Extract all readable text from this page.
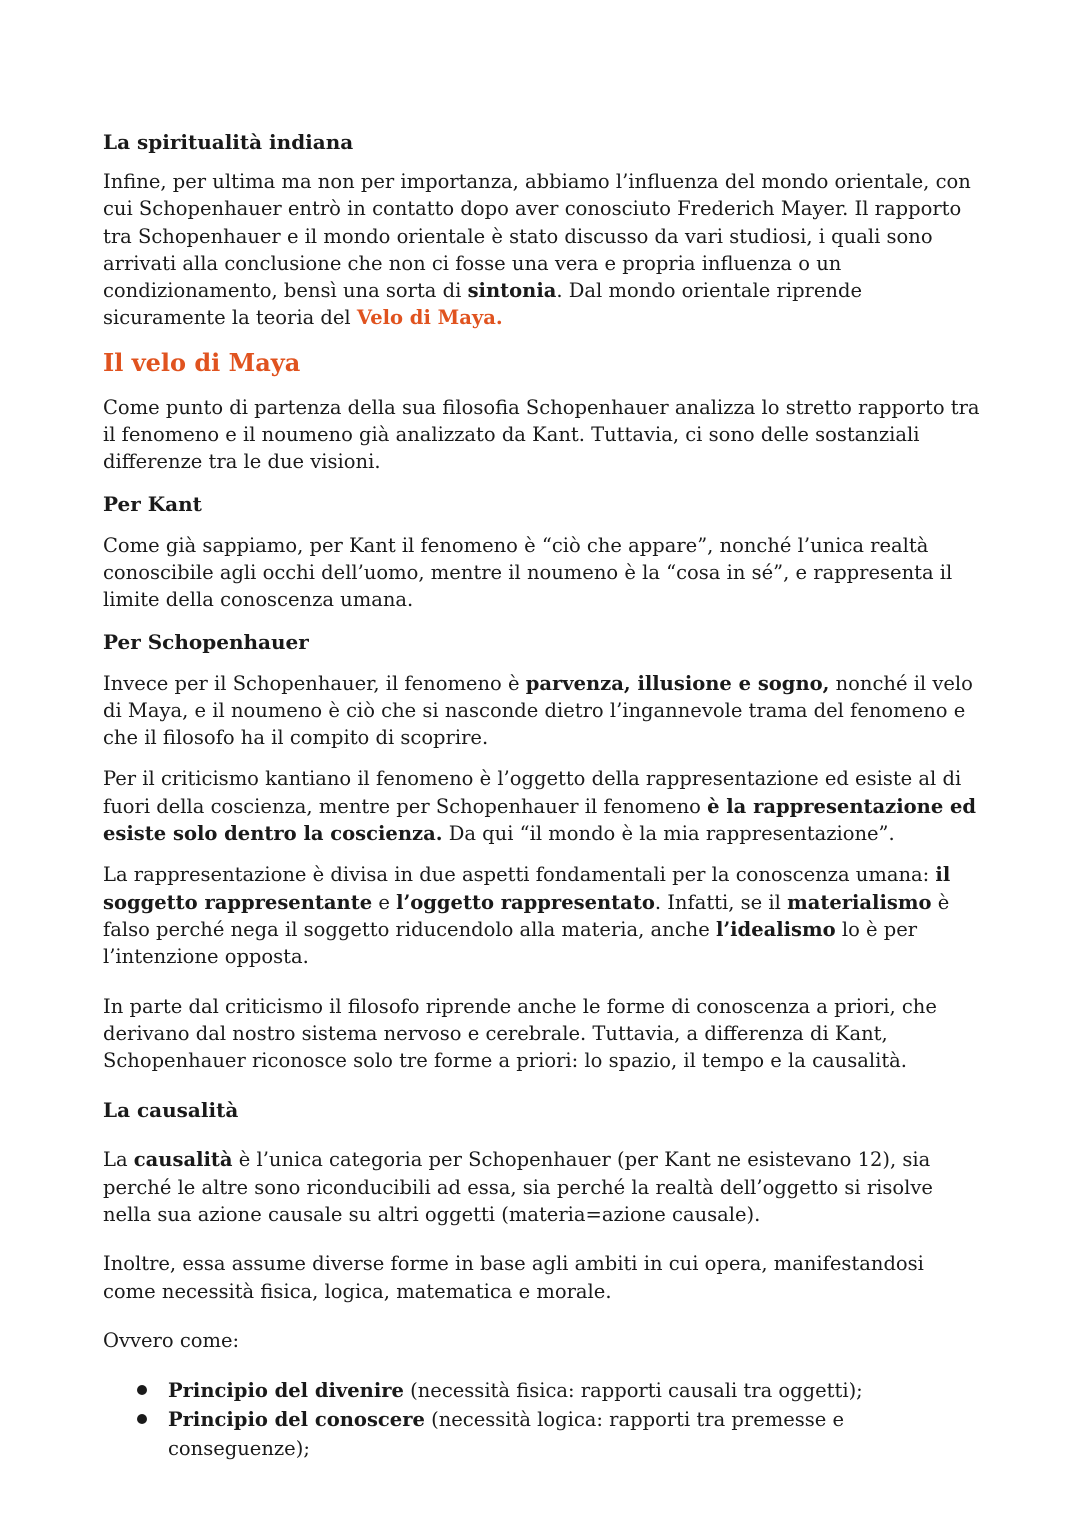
La spiritualità indiana

Infine, per ultima ma non per importanza, abbiamo l’influenza del mondo orientale, con cui Schopenhauer entrò in contatto dopo aver conosciuto Frederich Mayer. Il rapporto tra Schopenhauer e il mondo orientale è stato discusso da vari studiosi, i quali sono arrivati alla conclusione che non ci fosse una vera e propria influenza o un condizionamento, bensì una sorta di sintonia. Dal mondo orientale riprende sicuramente la teoria del Velo di Maya.

Il velo di Maya

Come punto di partenza della sua filosofia Schopenhauer analizza lo stretto rapporto tra il fenomeno e il noumeno già analizzato da Kant. Tuttavia, ci sono delle sostanziali differenze tra le due visioni.

Per Kant

Come già sappiamo, per Kant il fenomeno è “ciò che appare”, nonché l’unica realtà conoscibile agli occhi dell’uomo, mentre il noumeno è la “cosa in sé”, e rappresenta il limite della conoscenza umana.

Per Schopenhauer

Invece per il Schopenhauer, il fenomeno è parvenza, illusione e sogno, nonché il velo di Maya, e il noumeno è ciò che si nasconde dietro l’ingannevole trama del fenomeno e che il filosofo ha il compito di scoprire.

Per il criticismo kantiano il fenomeno è l’oggetto della rappresentazione ed esiste al di fuori della coscienza, mentre per Schopenhauer il fenomeno è la rappresentazione ed esiste solo dentro la coscienza. Da qui “il mondo è la mia rappresentazione”.

La rappresentazione è divisa in due aspetti fondamentali per la conoscenza umana: il soggetto rappresentante e l’oggetto rappresentato. Infatti, se il materialismo è falso perché nega il soggetto riducendolo alla materia, anche l’idealismo lo è per l’intenzione opposta.

In parte dal criticismo il filosofo riprende anche le forme di conoscenza a priori, che derivano dal nostro sistema nervoso e cerebrale. Tuttavia, a differenza di Kant, Schopenhauer riconosce solo tre forme a priori: lo spazio, il tempo e la causalità.

La causalità

La causalità è l’unica categoria per Schopenhauer (per Kant ne esistevano 12), sia perché le altre sono riconducibili ad essa, sia perché la realtà dell’oggetto si risolve nella sua azione causale su altri oggetti (materia=azione causale).

Inoltre, essa assume diverse forme in base agli ambiti in cui opera, manifestandosi come necessità fisica, logica, matematica e morale.

Ovvero come:

Principio del divenire (necessità fisica: rapporti causali tra oggetti);
Principio del conoscere (necessità logica: rapporti tra premesse e conseguenze);
